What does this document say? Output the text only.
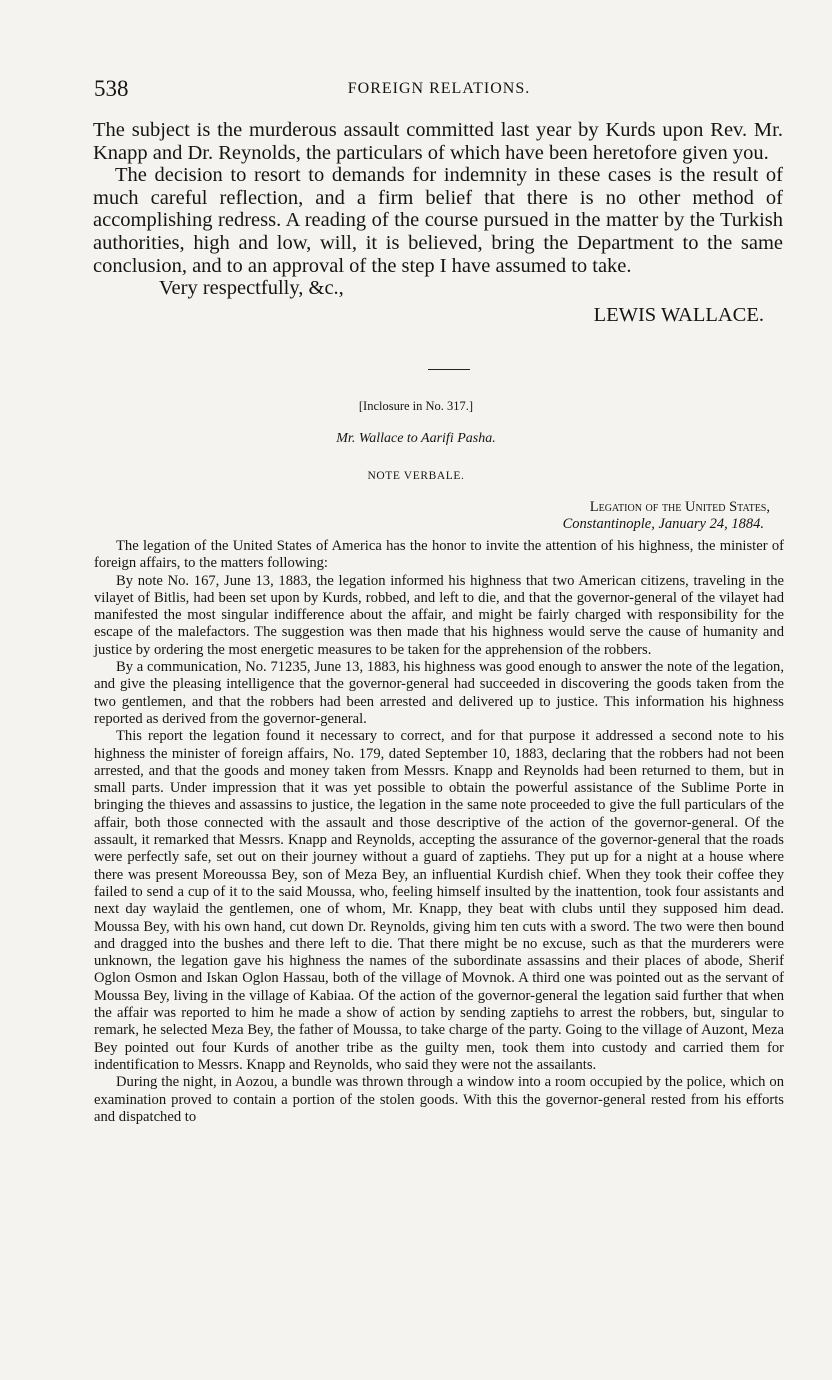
538	FOREIGN RELATIONS.

The subject is the murderous assault committed last year by Kurds upon Rev. Mr. Knapp and Dr. Reynolds, the particulars of which have been heretofore given you.

The decision to resort to demands for indemnity in these cases is the result of much careful reflection, and a firm belief that there is no other method of accomplishing redress. A reading of the course pursued in the matter by the Turkish authorities, high and low, will, it is believed, bring the Department to the same conclusion, and to an approval of the step I have assumed to take.

Very respectfully, &c.,

LEWIS WALLACE.

[Inclosure in No. 317.]
Mr. Wallace to Aarifi Pasha.
NOTE VERBALE.
Legation of the United States,
Constantinople, January 24, 1884.

The legation of the United States of America has the honor to invite the attention of his highness, the minister of foreign affairs, to the matters following:

By note No. 167, June 13, 1883, the legation informed his highness that two American citizens, traveling in the vilayet of Bitlis, had been set upon by Kurds, robbed, and left to die, and that the governor-general of the vilayet had manifested the most singular indifference about the affair, and might be fairly charged with responsibility for the escape of the malefactors. The suggestion was then made that his highness would serve the cause of humanity and justice by ordering the most energetic measures to be taken for the apprehension of the robbers.

By a communication, No. 71235, June 13, 1883, his highness was good enough to answer the note of the legation, and give the pleasing intelligence that the governor-general had succeeded in discovering the goods taken from the two gentlemen, and that the robbers had been arrested and delivered up to justice. This information his highness reported as derived from the governor-general.

This report the legation found it necessary to correct, and for that purpose it addressed a second note to his highness the minister of foreign affairs, No. 179, dated September 10, 1883, declaring that the robbers had not been arrested, and that the goods and money taken from Messrs. Knapp and Reynolds had been returned to them, but in small parts. Under impression that it was yet possible to obtain the powerful assistance of the Sublime Porte in bringing the thieves and assassins to justice, the legation in the same note proceeded to give the full particulars of the affair, both those connected with the assault and those descriptive of the action of the governor-general. Of the assault, it remarked that Messrs. Knapp and Reynolds, accepting the assurance of the governor-general that the roads were perfectly safe, set out on their journey without a guard of zaptiehs. They put up for a night at a house where there was present Moreoussa Bey, son of Meza Bey, an influential Kurdish chief. When they took their coffee they failed to send a cup of it to the said Moussa, who, feeling himself insulted by the inattention, took four assistants and next day waylaid the gentlemen, one of whom, Mr. Knapp, they beat with clubs until they supposed him dead. Moussa Bey, with his own hand, cut down Dr. Reynolds, giving him ten cuts with a sword. The two were then bound and dragged into the bushes and there left to die. That there might be no excuse, such as that the murderers were unknown, the legation gave his highness the names of the subordinate assassins and their places of abode, Sherif Oglon Osmon and Iskan Oglon Hassau, both of the village of Movnok. A third one was pointed out as the servant of Moussa Bey, living in the village of Kabiaa. Of the action of the governor-general the legation said further that when the affair was reported to him he made a show of action by sending zaptiehs to arrest the robbers, but, singular to remark, he selected Meza Bey, the father of Moussa, to take charge of the party. Going to the village of Auzont, Meza Bey pointed out four Kurds of another tribe as the guilty men, took them into custody and carried them for indentification to Messrs. Knapp and Reynolds, who said they were not the assailants.

During the night, in Aozou, a bundle was thrown through a window into a room occupied by the police, which on examination proved to contain a portion of the stolen goods. With this the governor-general rested from his efforts and dispatched to
